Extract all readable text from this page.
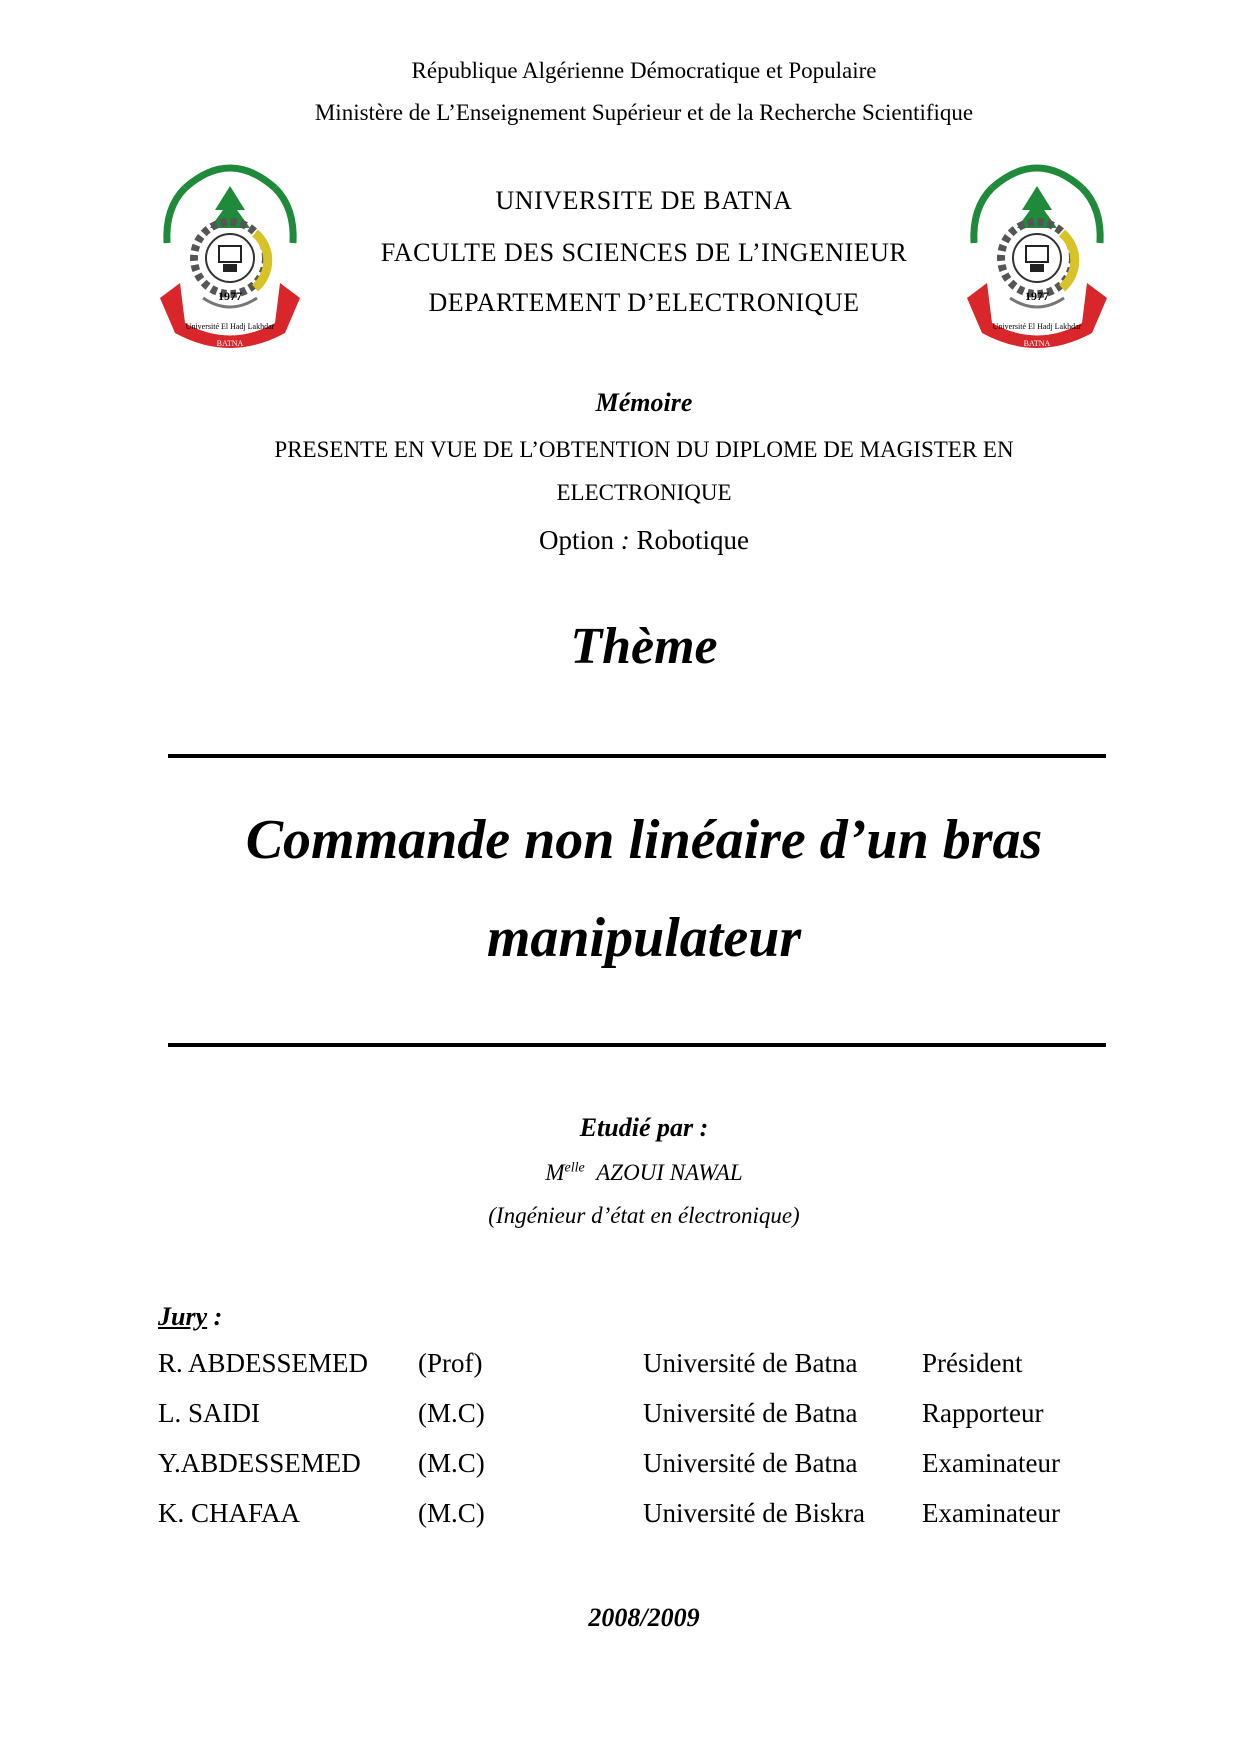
République Algérienne Démocratique et Populaire
Ministère de L’Enseignement Supérieur et de la Recherche Scientifique
1977
Université El Hadj Lakhdar
BATNA
1977
Université El Hadj Lakhdar
BATNA
UNIVERSITE DE BATNA
FACULTE DES SCIENCES DE L’INGENIEUR
DEPARTEMENT D’ELECTRONIQUE
Mémoire
PRESENTE EN VUE DE L’OBTENTION DU DIPLOME DE MAGISTER EN
ELECTRONIQUE
Option : Robotique
Thème
Commande non linéaire d’un bras
manipulateur
Etudié par :
$M^{elle}$ AZOUI NAWAL
(Ingénieur d’état en électronique)
Jury :
R. ABDESSEMED (Prof)	Université de Batna Président
L. SAIDI	(M.C)	Université de Batna Rapporteur
Y.ABDESSEMED (M.C)	Université de Batna Examinateur
K. CHAFAA	(M.C)	Université de Biskra Examinateur
2008/2009
